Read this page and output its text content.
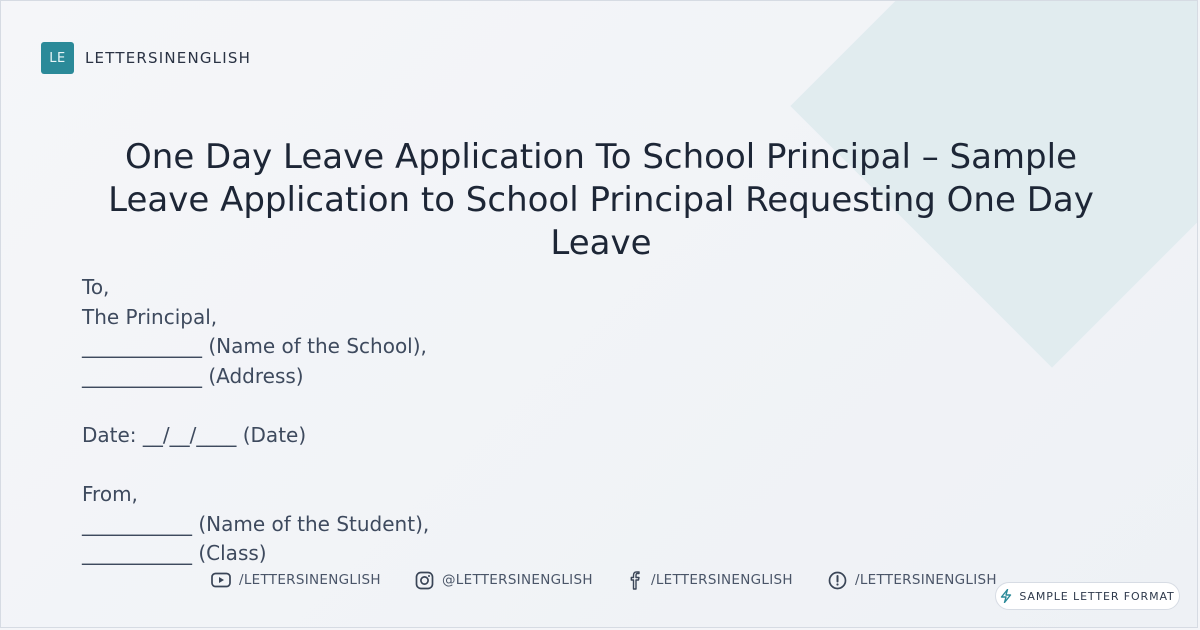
LE	LETTERSINENGLISH
One Day Leave Application To School Principal – Sample Leave Application to School Principal Requesting One Day Leave
To,
The Principal,
____________ (Name of the School),
____________ (Address)
Date: __/__/____ (Date)
From,
___________ (Name of the Student),
___________ (Class)
/LETTERSINENGLISH	@LETTERSINENGLISH	/LETTERSINENGLISH	/LETTERSINENGLISH
SAMPLE LETTER FORMAT
